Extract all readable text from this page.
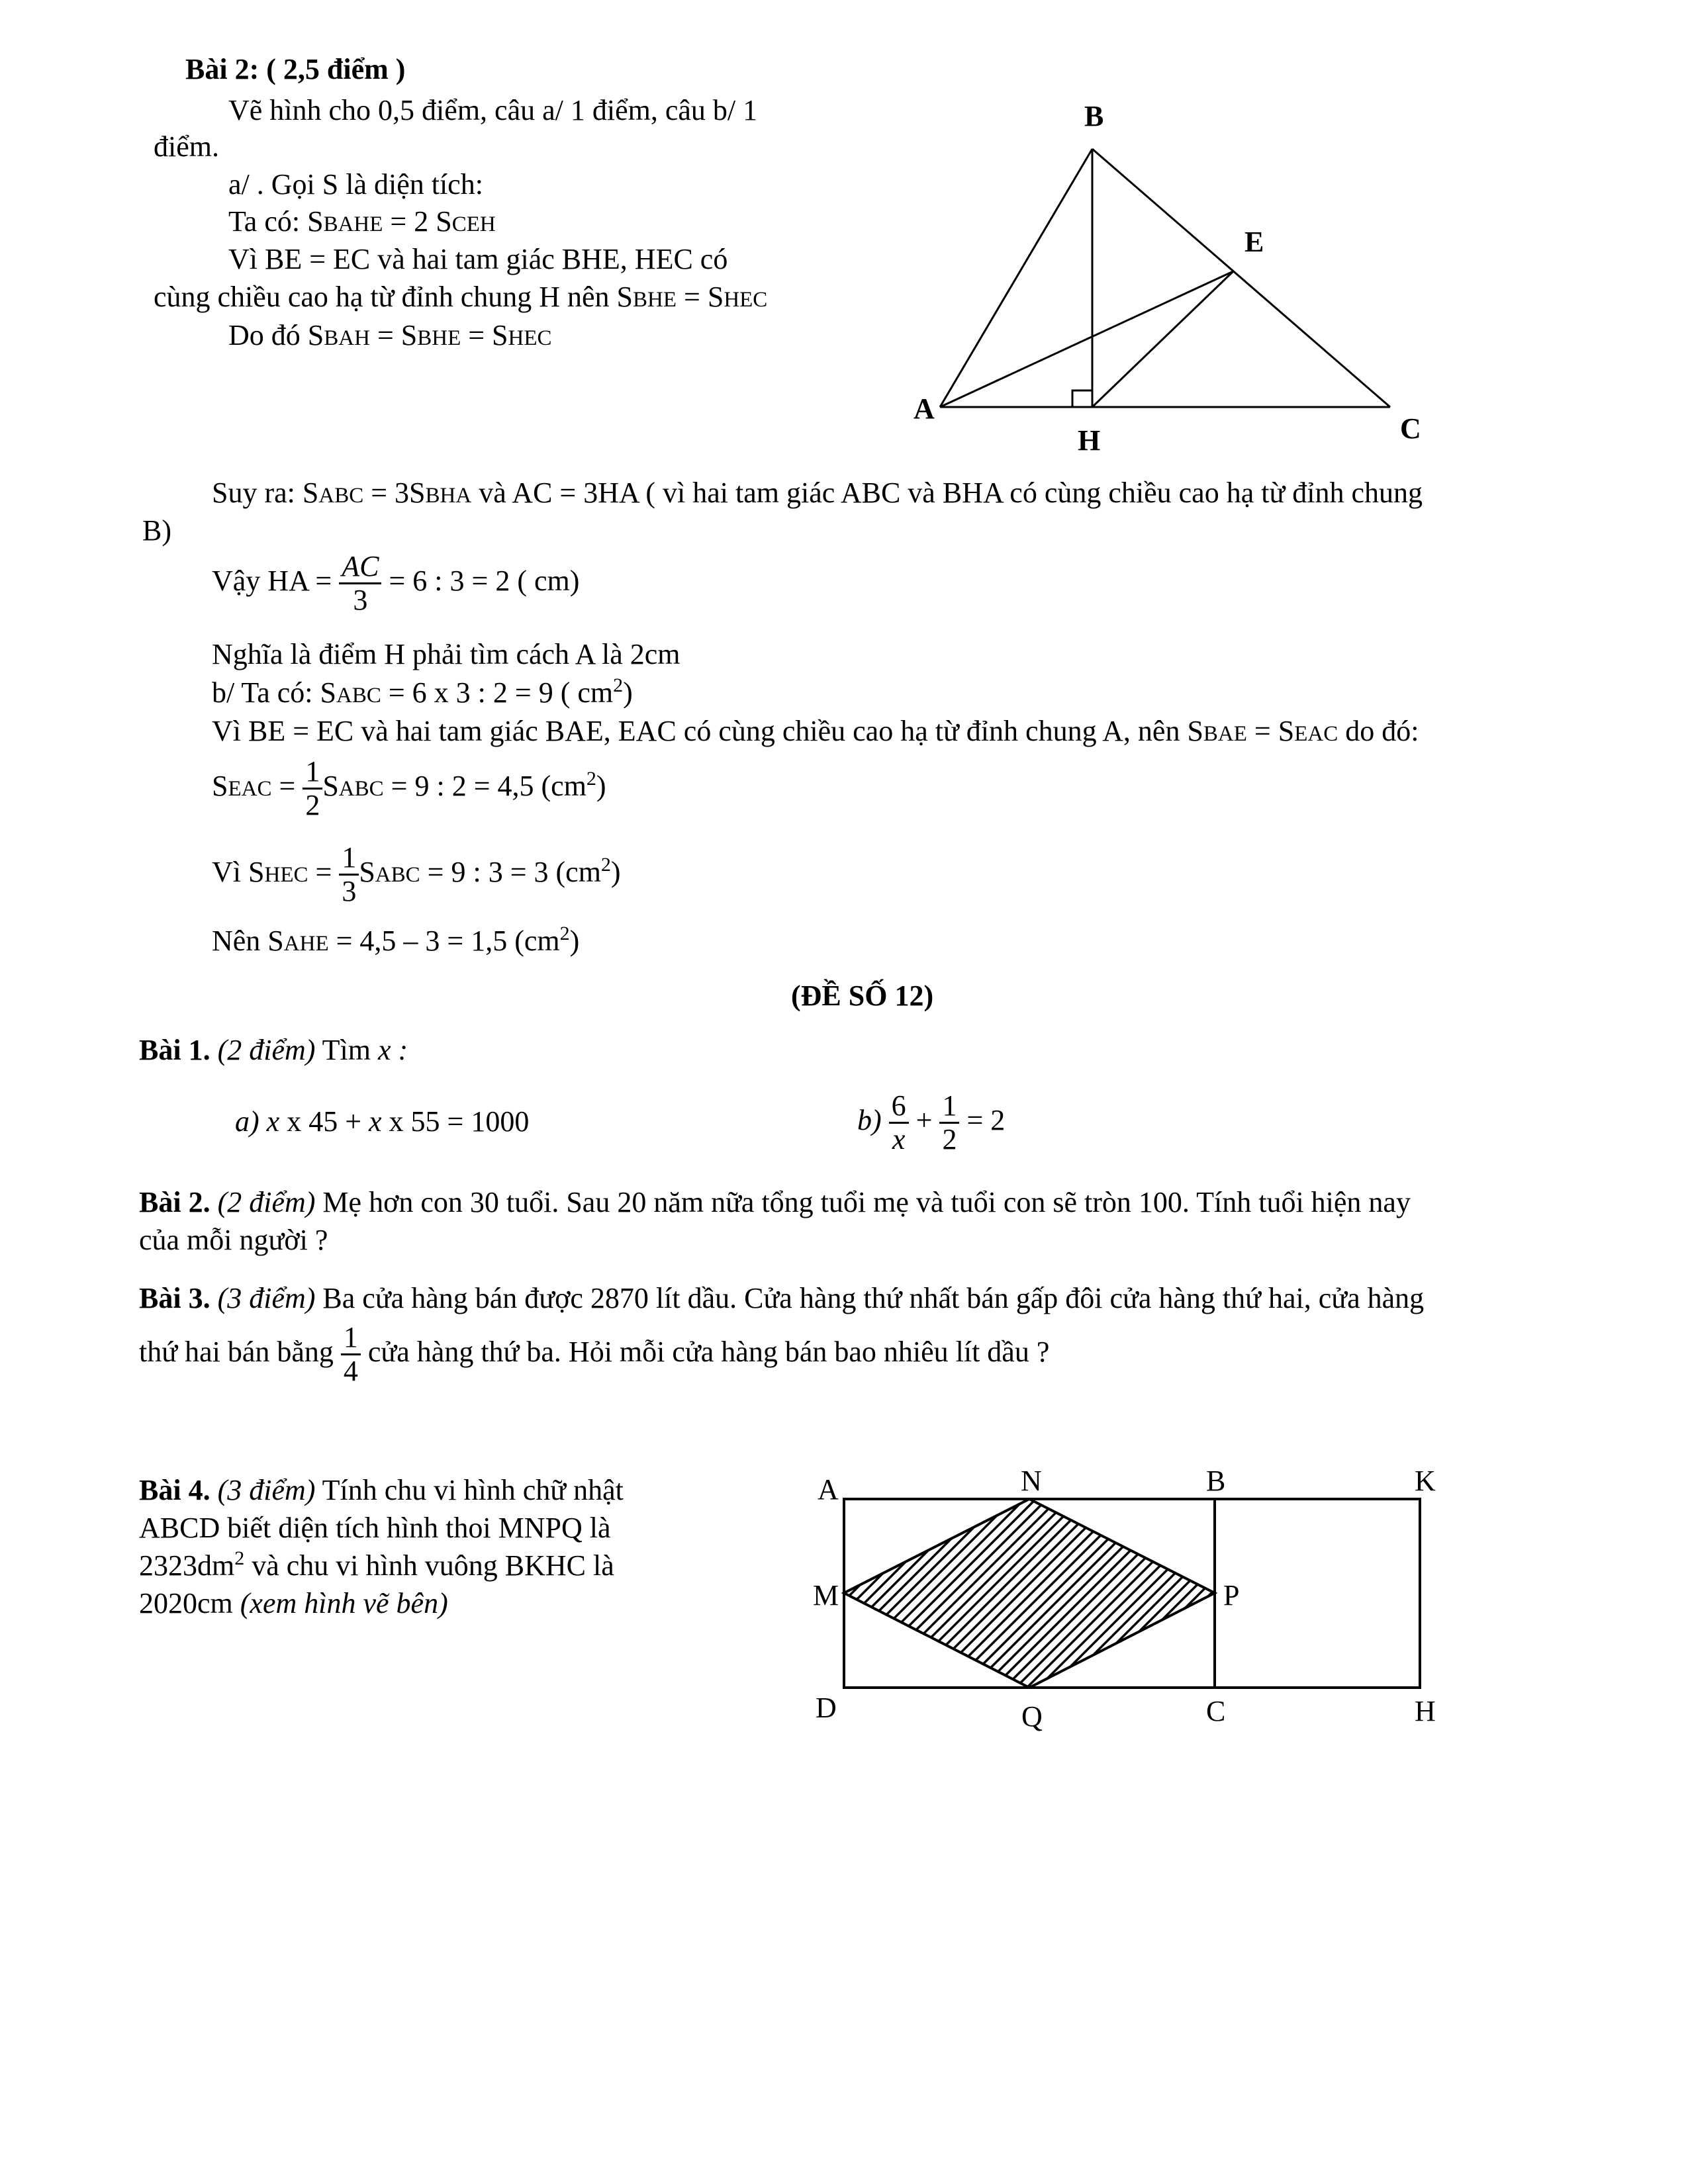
Bài 2: ( 2,5 điểm )
Vẽ hình cho 0,5 điểm, câu a/ 1 điểm, câu b/ 1
điểm.
a/ . Gọi S là diện tích:
Ta có: SBAHE = 2 SCEH
Vì BE = EC và hai tam giác BHE, HEC có
cùng chiều cao hạ từ đỉnh chung H nên SBHE = SHEC
Do đó SBAH = SBHE = SHEC
B
E
A
C
H
Suy ra: SABC = 3SBHA và AC = 3HA ( vì hai tam giác ABC và BHA có cùng chiều cao hạ từ đỉnh chung
B)
Vậy HA = $\frac{AC}{3} = 6$ : 3 = 2 ( cm)
Nghĩa là điểm H phải tìm cách A là 2cm
b/ Ta có: SABC = 6 x 3 : 2 = 9 ( $cm^2$)
Vì BE = EC và hai tam giác BAE, EAC có cùng chiều cao hạ từ đỉnh chung A, nên SBAE = SEAC do đó:
SEAC = $\frac{1}{2}$ SABC = 9 : 2 = 4,5 $(cm^2)$
Vì SHEC = $\frac{1}{3}$ SABC = 9 : 3 = 3 $(cm^2)$
Nên SAHE = 4,5 – 3 = 1,5 $(cm^2)$
(ĐỀ SỐ 12)
Bài 1. (2 điểm) Tìm x :
a) x x 45 + x x 55 = 1000	$b) \frac{6}{x} + \frac{1}{2} = 2$
Bài 2. (2 điểm) Mẹ hơn con 30 tuổi. Sau 20 năm nữa tổng tuổi mẹ và tuổi con sẽ tròn 100. Tính tuổi hiện nay
của mỗi người ?
Bài 3. (3 điểm) Ba cửa hàng bán được 2870 lít dầu. Cửa hàng thứ nhất bán gấp đôi cửa hàng thứ hai, cửa hàng
thứ hai bán bằng $\frac{1}{4}$ cửa hàng thứ ba. Hỏi mỗi cửa hàng bán bao nhiêu lít dầu ?
Bài 4. (3 điểm) Tính chu vi hình chữ nhật
ABCD biết diện tích hình thoi MNPQ là
$2323dm^2$ và chu vi hình vuông BKHC là
2020cm (xem hình vẽ bên)
A	N	B	K
M	P
D	Q	C	H
